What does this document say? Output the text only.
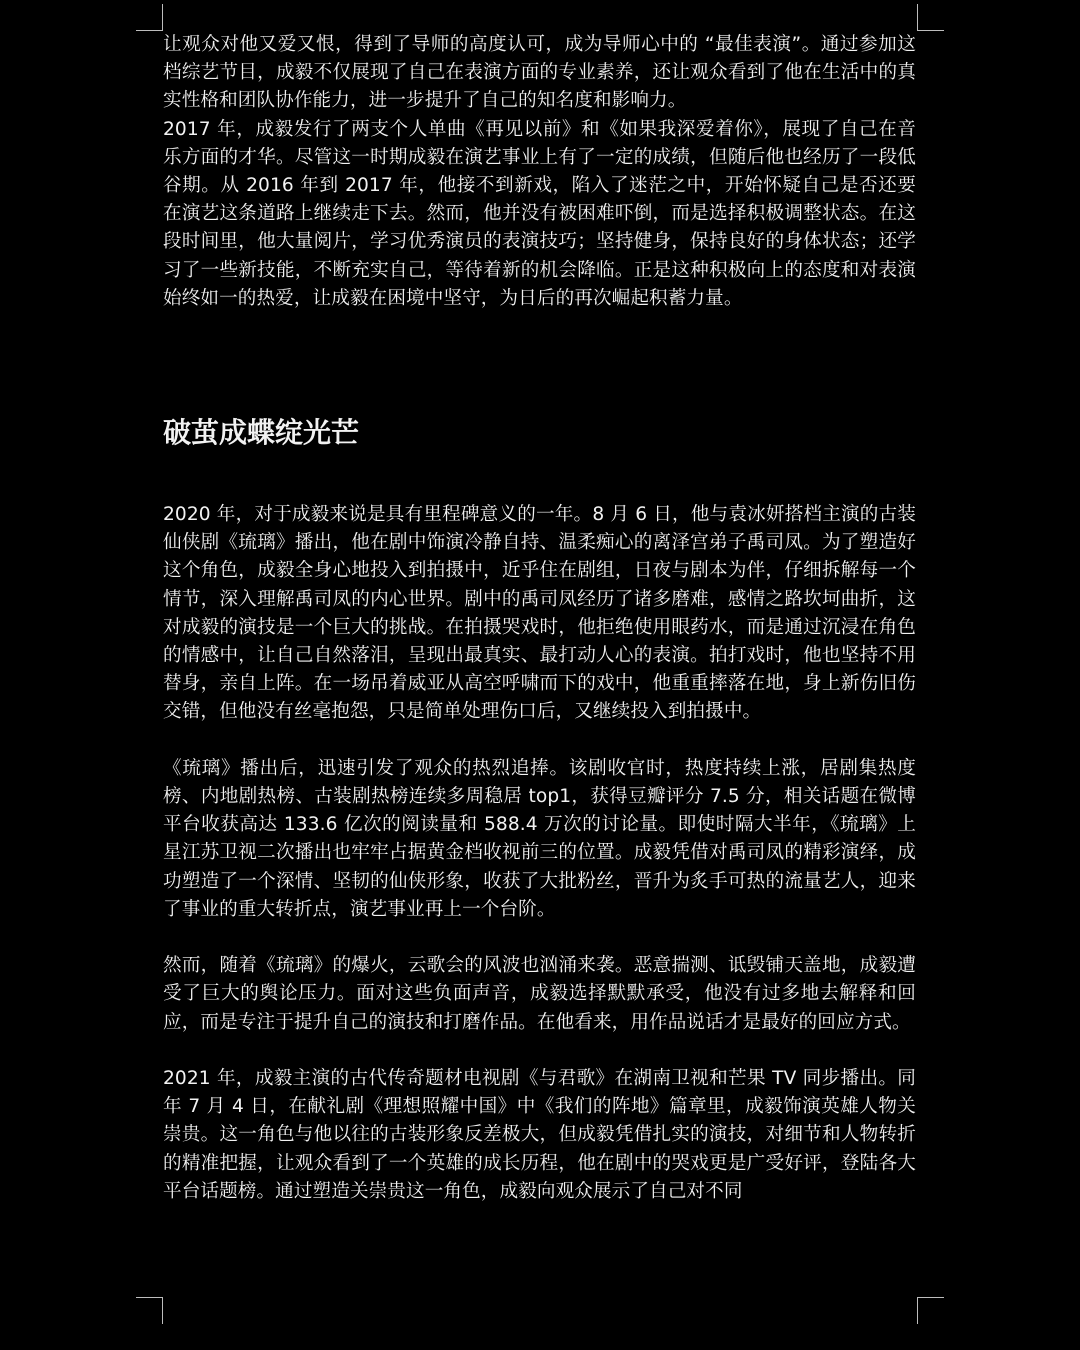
让观众对他又爱又恨，得到了导师的高度认可，成为导师心中的 “最佳表演”。通过参加这档综艺节目，成毅不仅展现了自己在表演方面的专业素养，还让观众看到了他在生活中的真实性格和团队协作能力，进一步提升了自己的知名度和影响力。

2017 年，成毅发行了两支个人单曲《再见以前》和《如果我深爱着你》，展现了自己在音乐方面的才华。尽管这一时期成毅在演艺事业上有了一定的成绩，但随后他也经历了一段低谷期。从 2016 年到 2017 年，他接不到新戏，陷入了迷茫之中，开始怀疑自己是否还要在演艺这条道路上继续走下去。然而，他并没有被困难吓倒，而是选择积极调整状态。在这段时间里，他大量阅片，学习优秀演员的表演技巧；坚持健身，保持良好的身体状态；还学习了一些新技能，不断充实自己，等待着新的机会降临。正是这种积极向上的态度和对表演始终如一的热爱，让成毅在困境中坚守，为日后的再次崛起积蓄力量。

破茧成蝶绽光芒

2020 年，对于成毅来说是具有里程碑意义的一年。8 月 6 日，他与袁冰妍搭档主演的古装仙侠剧《琉璃》播出，他在剧中饰演冷静自持、温柔痴心的离泽宫弟子禹司凤。为了塑造好这个角色，成毅全身心地投入到拍摄中，近乎住在剧组，日夜与剧本为伴，仔细拆解每一个情节，深入理解禹司凤的内心世界。剧中的禹司凤经历了诸多磨难，感情之路坎坷曲折，这对成毅的演技是一个巨大的挑战。在拍摄哭戏时，他拒绝使用眼药水，而是通过沉浸在角色的情感中，让自己自然落泪，呈现出最真实、最打动人心的表演。拍打戏时，他也坚持不用替身，亲自上阵。在一场吊着威亚从高空呼啸而下的戏中，他重重摔落在地，身上新伤旧伤交错，但他没有丝毫抱怨，只是简单处理伤口后，又继续投入到拍摄中。

《琉璃》播出后，迅速引发了观众的热烈追捧。该剧收官时，热度持续上涨，居剧集热度榜、内地剧热榜、古装剧热榜连续多周稳居 top1，获得豆瓣评分 7.5 分，相关话题在微博平台收获高达 133.6 亿次的阅读量和 588.4 万次的讨论量。即使时隔大半年，《琉璃》上星江苏卫视二次播出也牢牢占据黄金档收视前三的位置。成毅凭借对禹司凤的精彩演绎，成功塑造了一个深情、坚韧的仙侠形象，收获了大批粉丝，晋升为炙手可热的流量艺人，迎来了事业的重大转折点，演艺事业再上一个台阶。

然而，随着《琉璃》的爆火，云歌会的风波也汹涌来袭。恶意揣测、诋毁铺天盖地，成毅遭受了巨大的舆论压力。面对这些负面声音，成毅选择默默承受，他没有过多地去解释和回应，而是专注于提升自己的演技和打磨作品。在他看来，用作品说话才是最好的回应方式。

2021 年，成毅主演的古代传奇题材电视剧《与君歌》在湖南卫视和芒果 TV 同步播出。同年 7 月 4 日，在献礼剧《理想照耀中国》中《我们的阵地》篇章里，成毅饰演英雄人物关崇贵。这一角色与他以往的古装形象反差极大，但成毅凭借扎实的演技，对细节和人物转折的精准把握，让观众看到了一个英雄的成长历程，他在剧中的哭戏更是广受好评，登陆各大平台话题榜。通过塑造关崇贵这一角色，成毅向观众展示了自己对不同
